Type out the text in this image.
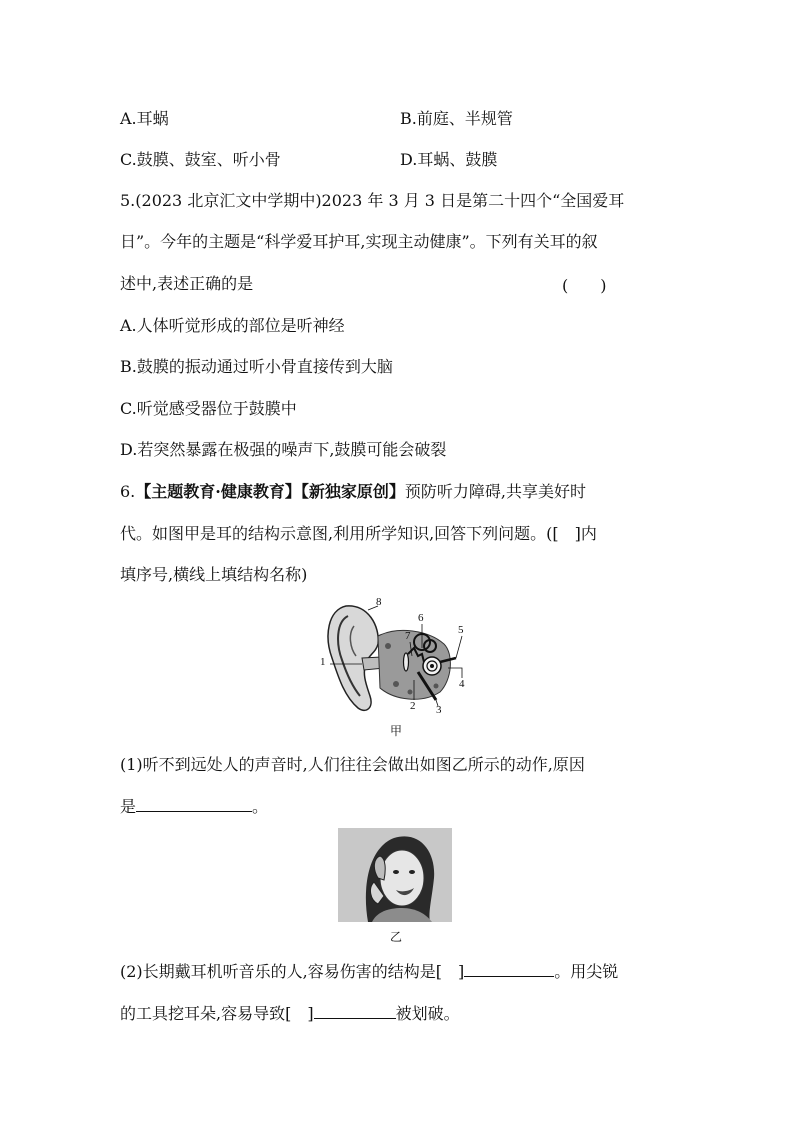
A.耳蜗	B.前庭、半规管
C.鼓膜、鼓室、听小骨	D.耳蜗、鼓膜
5.(2023 北京汇文中学期中)2023 年 3 月 3 日是第二十四个“全国爱耳
日”。今年的主题是“科学爱耳护耳,实现主动健康”。下列有关耳的叙
述中,表述正确的是	(　　)
A.人体听觉形成的部位是听神经
B.鼓膜的振动通过听小骨直接传到大脑
C.听觉感受器位于鼓膜中
D.若突然暴露在极强的噪声下,鼓膜可能会破裂
6.【主题教育·健康教育】【新独家原创】预防听力障碍,共享美好时
代。如图甲是耳的结构示意图,利用所学知识,回答下列问题。([　]内
填序号,横线上填结构名称)
1
2 3
4
5
6
7
8
甲
(1)听不到远处人的声音时,人们往往会做出如图乙所示的动作,原因
是	。
乙
(2)长期戴耳机听音乐的人,容易伤害的结构是[　]	。用尖锐
的工具挖耳朵,容易导致[　]	被划破。
